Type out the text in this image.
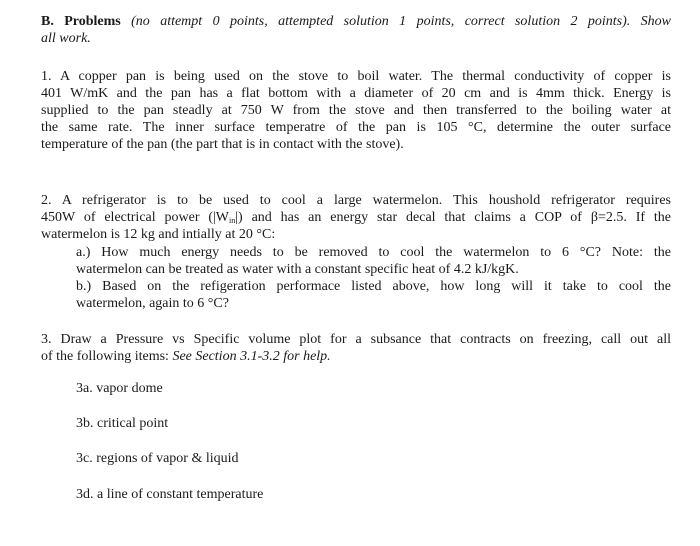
B. Problems (no attempt 0 points, attempted solution 1 points, correct solution 2 points). Show
all work.
1. A copper pan is being used on the stove to boil water. The thermal conductivity of copper is
401 W/mK and the pan has a flat bottom with a diameter of 20 cm and is 4mm thick. Energy is
supplied to the pan steadly at 750 W from the stove and then transferred to the boiling water at
the same rate. The inner surface temperatre of the pan is 105 °C, determine the outer surface
temperature of the pan (the part that is in contact with the stove).
2. A refrigerator is to be used to cool a large watermelon. This houshold refrigerator requires
450W of electrical power $(|W_{in}|)$ and has an energy star decal that claims a COP of β=2.5. If the
watermelon is 12 kg and intially at 20 °C:
a.) How much energy needs to be removed to cool the watermelon to 6 °C? Note: the
watermelon can be treated as water with a constant specific heat of 4.2 kJ/kgK.
b.) Based on the refigeration performace listed above, how long will it take to cool the
watermelon, again to 6 °C?
3. Draw a Pressure vs Specific volume plot for a subsance that contracts on freezing, call out all
of the following items: See Section 3.1-3.2 for help.
3a. vapor dome
3b. critical point
3c. regions of vapor & liquid
3d. a line of constant temperature
